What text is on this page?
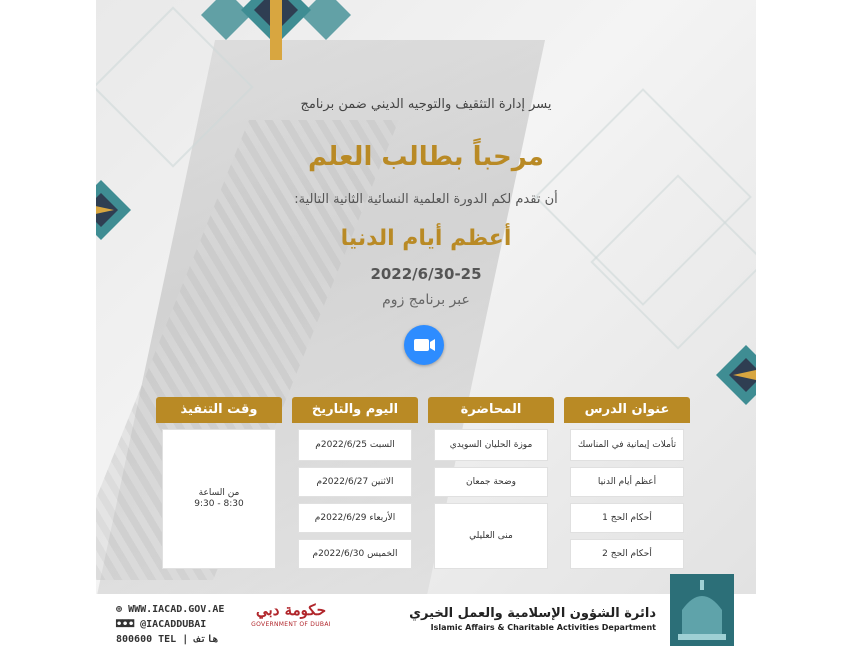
يسر إدارة التثقيف والتوجيه الديني ضمن برنامج
مرحباً بطالب العلم
أن تقدم لكم الدورة العلمية النسائية الثانية التالية:
أعظم أيام الدنيا
2022/6/30-25
عبر برنامج زوم
عنوان الدرس
تأملات إيمانية في المناسك
أعظم أيام الدنيا
أحكام الحج 1
أحكام الحج 2
المحاضرة
موزة الحليان السويدي
وضحة جمعان
منى العليلي
اليوم والتاريخ
السبت 2022/6/25م
الاثنين 2022/6/27م
الأربعاء 2022/6/29م
الخميس 2022/6/30م
وقت التنفيذ
من الساعة
8:30 - 9:30
⊕ WWW.IACAD.GOV.AE
◘◘◘ @IACADDUBAI
800600 TEL | هاتف
حكومة دبي
GOVERNMENT OF DUBAI
دائرة الشؤون الإسلامية والعمل الخيري
Islamic Affairs & Charitable Activities Department
